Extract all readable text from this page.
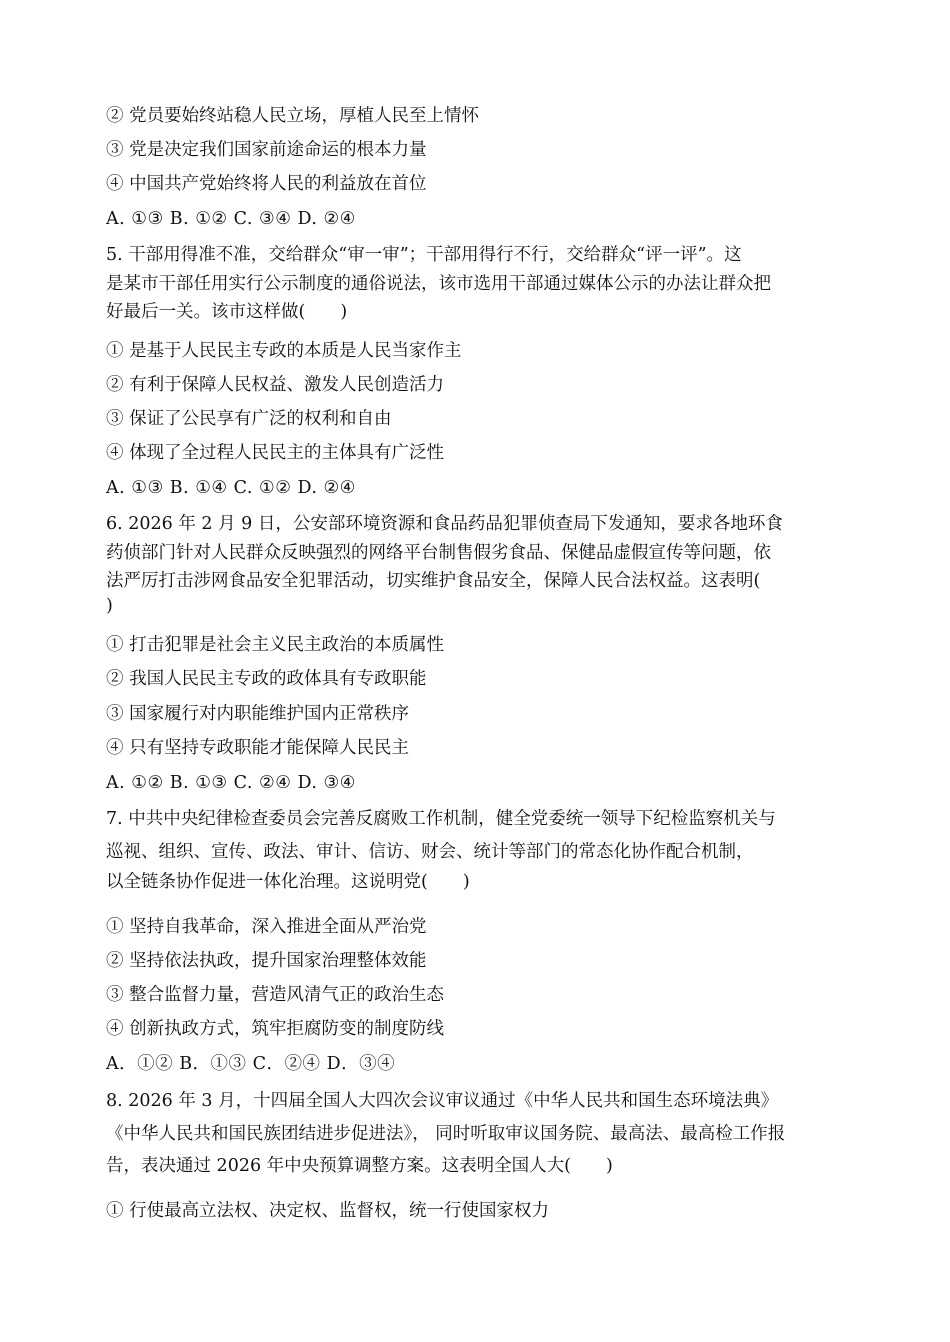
② 党员要始终站稳人民立场，厚植人民至上情怀
③ 党是决定我们国家前途命运的根本力量
④ 中国共产党始终将人民的利益放在首位
A. ①③ B. ①② C. ③④ D. ②④
5. 干部用得准不准，交给群众“审一审”；干部用得行不行，交给群众“评一评”。这
是某市干部任用实行公示制度的通俗说法，该市选用干部通过媒体公示的办法让群众把
好最后一关。该市这样做(　　)
① 是基于人民民主专政的本质是人民当家作主
② 有利于保障人民权益、激发人民创造活力
③ 保证了公民享有广泛的权利和自由
④ 体现了全过程人民民主的主体具有广泛性
A. ①③ B. ①④ C. ①② D. ②④
6. 2026 年 2 月 9 日，公安部环境资源和食品药品犯罪侦查局下发通知，要求各地环食
药侦部门针对人民群众反映强烈的网络平台制售假劣食品、保健品虚假宣传等问题，依
法严厉打击涉网食品安全犯罪活动，切实维护食品安全，保障人民合法权益。这表明(
)
① 打击犯罪是社会主义民主政治的本质属性
② 我国人民民主专政的政体具有专政职能
③ 国家履行对内职能维护国内正常秩序
④ 只有坚持专政职能才能保障人民民主
A. ①② B. ①③ C. ②④ D. ③④
7. 中共中央纪律检查委员会完善反腐败工作机制，健全党委统一领导下纪检监察机关与
巡视、组织、宣传、政法、审计、信访、财会、统计等部门的常态化协作配合机制，
以全链条协作促进一体化治理。这说明党(　　)
① 坚持自我革命，深入推进全面从严治党
② 坚持依法执政，提升国家治理整体效能
③ 整合监督力量，营造风清气正的政治生态
④ 创新执政方式，筑牢拒腐防变的制度防线
A．①② B．①③ C．②④ D．③④
8. 2026 年 3 月，十四届全国人大四次会议审议通过《中华人民共和国生态环境法典》
《中华人民共和国民族团结进步促进法》， 同时听取审议国务院、最高法、最高检工作报
告，表决通过 2026 年中央预算调整方案。这表明全国人大(　　)
① 行使最高立法权、决定权、监督权，统一行使国家权力
